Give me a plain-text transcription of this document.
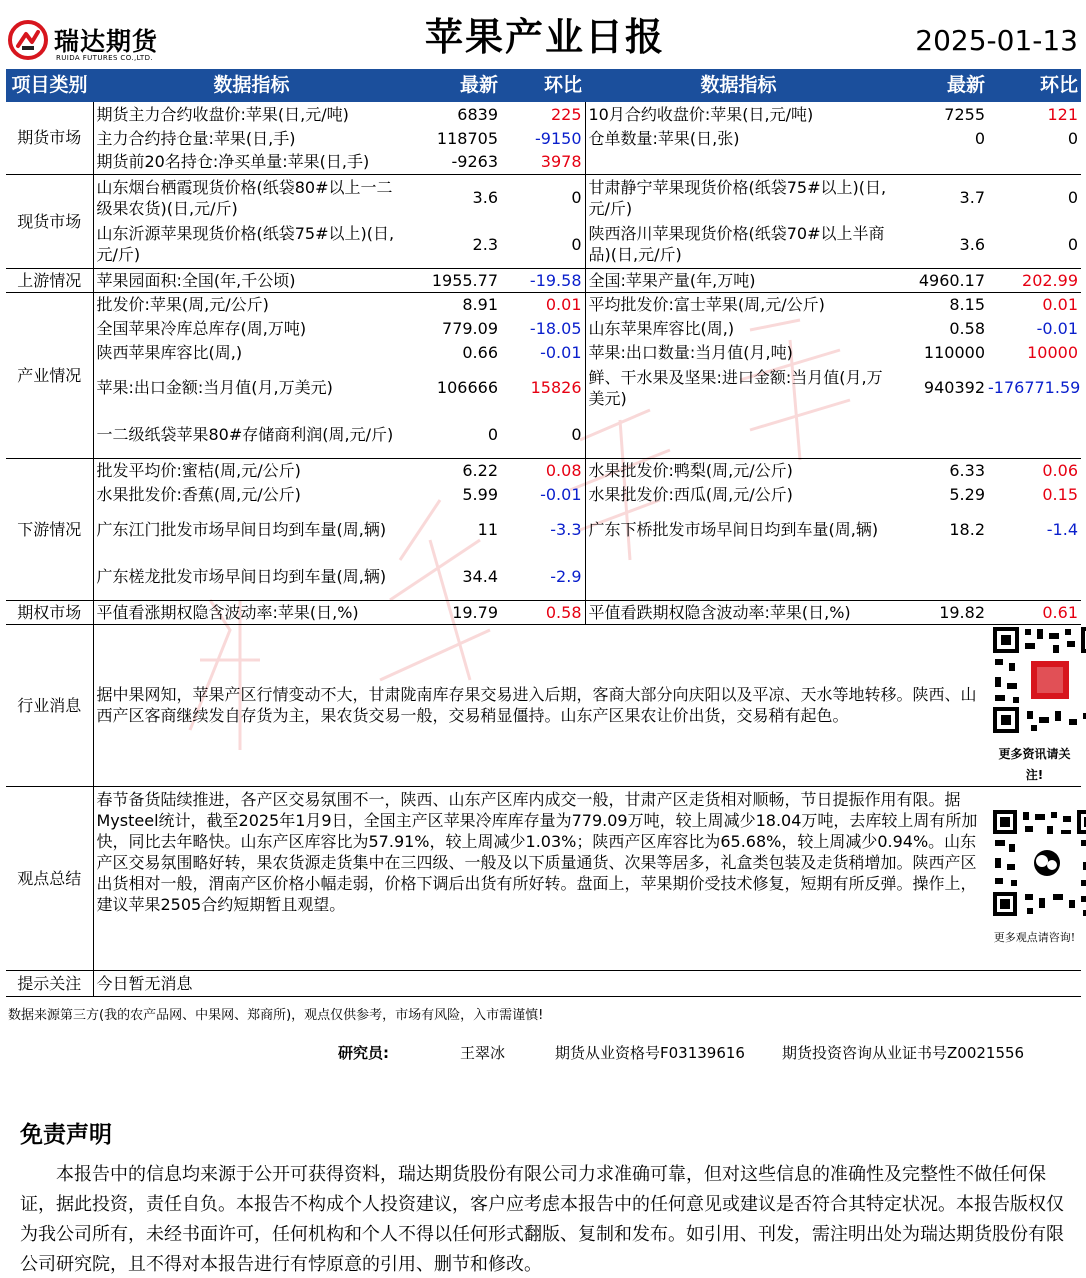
瑞达期货
RUIDA FUTURES CO.,LTD.	苹果产业日报	2025-01-13
项目类别	数据指标	最新	环比	数据指标	最新	环比
期货市场	期货主力合约收盘价:苹果(日,元/吨)	6839	225	10月合约收盘价:苹果(日,元/吨)	7255	121
	主力合约持仓量:苹果(日,手)	118705	-9150	仓单数量:苹果(日,张)	0	0
	期货前20名持仓:净买单量:苹果(日,手)	-9263	3978			
现货市场	山东烟台栖霞现货价格(纸袋80#以上一二级果农货)(日,元/斤)	3.6	0	甘肃静宁苹果现货价格(纸袋75#以上)(日,元/斤)	3.7	0
	山东沂源苹果现货价格(纸袋75#以上)(日,元/斤)	2.3	0	陕西洛川苹果现货价格(纸袋70#以上半商品)(日,元/斤)	3.6	0
上游情况	苹果园面积:全国(年,千公顷)	1955.77	-19.58	全国:苹果产量(年,万吨)	4960.17	202.99
产业情况	批发价:苹果(周,元/公斤)	8.91	0.01	平均批发价:富士苹果(周,元/公斤)	8.15	0.01
	全国苹果冷库总库存(周,万吨)	779.09	-18.05	山东苹果库容比(周,)	0.58	-0.01
	陕西苹果库容比(周,)	0.66	-0.01	苹果:出口数量:当月值(月,吨)	110000	10000
	苹果:出口金额:当月值(月,万美元)	106666	15826	鲜、干水果及坚果:进口金额:当月值(月,万美元)	940392	-176771.59
	一二级纸袋苹果80#存储商利润(周,元/斤)	0	0			
下游情况	批发平均价:蜜桔(周,元/公斤)	6.22	0.08	水果批发价:鸭梨(周,元/公斤)	6.33	0.06
	水果批发价:香蕉(周,元/公斤)	5.99	-0.01	水果批发价:西瓜(周,元/公斤)	5.29	0.15
	广东江门批发市场早间日均到车量(周,辆)	11	-3.3	广东下桥批发市场早间日均到车量(周,辆)	18.2	-1.4
	广东槎龙批发市场早间日均到车量(周,辆)	34.4	-2.9			
期权市场	平值看涨期权隐含波动率:苹果(日,%)	19.79	0.58	平值看跌期权隐含波动率:苹果(日,%)	19.82	0.61
行业消息	据中果网知，苹果产区行情变动不大，甘肃陇南库存果交易进入后期，客商大部分向庆阳以及平凉、天水等地转移。陕西、山西产区客商继续发自存货为主，果农货交易一般，交易稍显僵持。山东产区果农让价出货，交易稍有起色。					更多资讯请关注!

观点总结	春节备货陆续推进，各产区交易氛围不一，陕西、山东产区库内成交一般，甘肃产区走货相对顺畅，节日提振作用有限。据Mysteel统计，截至2025年1月9日，全国主产区苹果冷库库存量为779.09万吨，较上周减少18.04万吨，去库较上周有所加快，同比去年略快。山东产区库容比为57.91%，较上周减少1.03%；陕西产区库容比为65.68%，较上周减少0.94%。山东产区交易氛围略好转，果农货源走货集中在三四级、一般及以下质量通货、次果等居多，礼盒类包装及走货稍增加。陕西产区出货相对一般，渭南产区价格小幅走弱，价格下调后出货有所好转。盘面上，苹果期价受技术修复，短期有所反弹。操作上，建议苹果2505合约短期暂且观望。					更多观点请咨询!

提示关注	今日暂无消息					
数据来源第三方(我的农产品网、中果网、郑商所)，观点仅供参考，市场有风险，入市需谨慎!
研究员:	王翠冰	期货从业资格号F03139616 期货投资咨询从业证书号Z0021556
免责声明
本报告中的信息均来源于公开可获得资料，瑞达期货股份有限公司力求准确可靠，但对这些信息的准确性及完整性不做任何保证，据此投资，责任自负。本报告不构成个人投资建议，客户应考虑本报告中的任何意见或建议是否符合其特定状况。本报告版权仅为我公司所有，未经书面许可，任何机构和个人不得以任何形式翻版、复制和发布。如引用、刊发，需注明出处为瑞达期货股份有限公司研究院，且不得对本报告进行有悖原意的引用、删节和修改。
